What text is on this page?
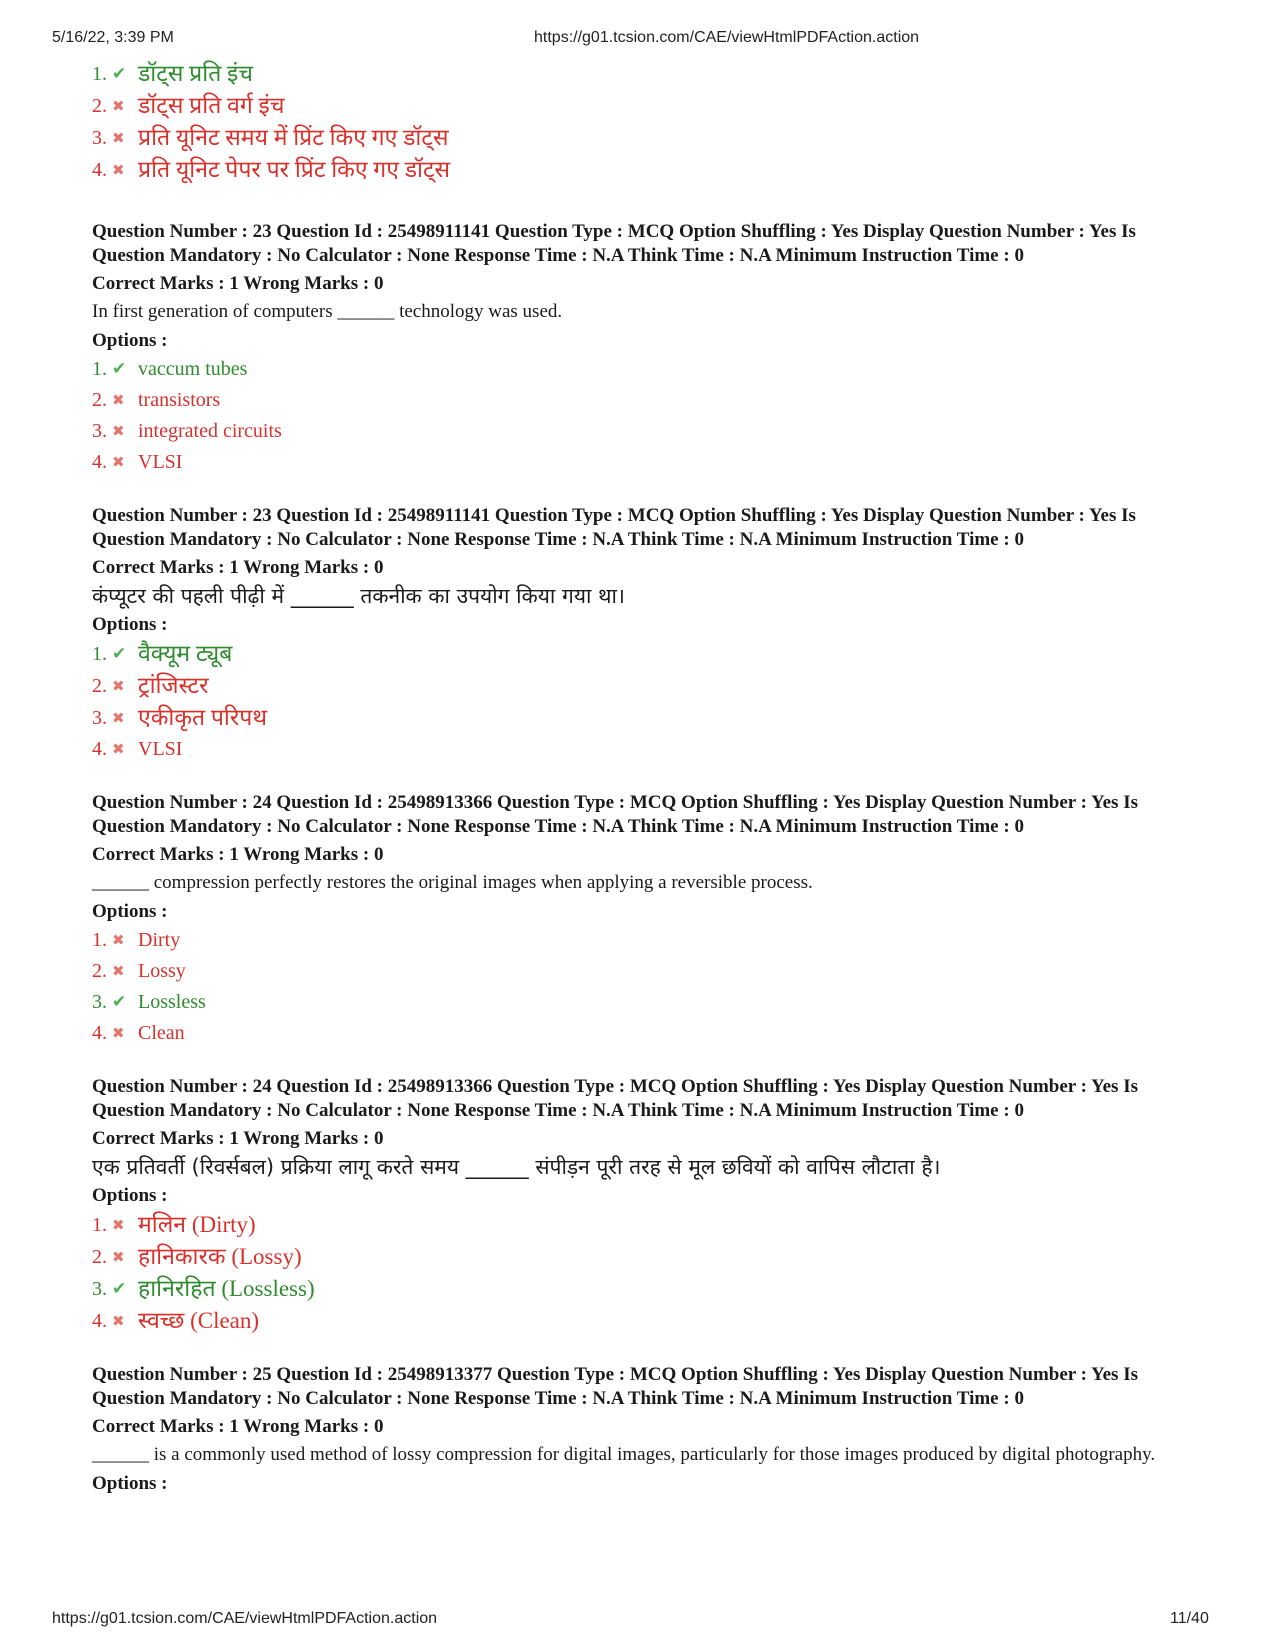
5/16/22, 3:39 PM	https://g01.tcsion.com/CAE/viewHtmlPDFAction.action
1. ✔ डॉट्स प्रति इंच
2. ✖ डॉट्स प्रति वर्ग इंच
3. ✖ प्रति यूनिट समय में प्रिंट किए गए डॉट्स
4. ✖ प्रति यूनिट पेपर पर प्रिंट किए गए डॉट्स
Question Number : 23 Question Id : 25498911141 Question Type : MCQ Option Shuffling : Yes Display Question Number : Yes Is Question Mandatory : No Calculator : None Response Time : N.A Think Time : N.A Minimum Instruction Time : 0
Correct Marks : 1 Wrong Marks : 0
In first generation of computers ______ technology was used.
Options :
1. ✔ vaccum tubes
2. ✖ transistors
3. ✖ integrated circuits
4. ✖ VLSI
Question Number : 23 Question Id : 25498911141 Question Type : MCQ Option Shuffling : Yes Display Question Number : Yes Is Question Mandatory : No Calculator : None Response Time : N.A Think Time : N.A Minimum Instruction Time : 0
Correct Marks : 1 Wrong Marks : 0
कंप्यूटर की पहली पीढ़ी में ______ तकनीक का उपयोग किया गया था।
Options :
1. ✔ वैक्यूम ट्यूब
2. ✖ ट्रांजिस्टर
3. ✖ एकीकृत परिपथ
4. ✖ VLSI
Question Number : 24 Question Id : 25498913366 Question Type : MCQ Option Shuffling : Yes Display Question Number : Yes Is Question Mandatory : No Calculator : None Response Time : N.A Think Time : N.A Minimum Instruction Time : 0
Correct Marks : 1 Wrong Marks : 0
______ compression perfectly restores the original images when applying a reversible process.
Options :
1. ✖ Dirty
2. ✖ Lossy
3. ✔ Lossless
4. ✖ Clean
Question Number : 24 Question Id : 25498913366 Question Type : MCQ Option Shuffling : Yes Display Question Number : Yes Is Question Mandatory : No Calculator : None Response Time : N.A Think Time : N.A Minimum Instruction Time : 0
Correct Marks : 1 Wrong Marks : 0
एक प्रतिवर्ती (रिवर्सबल) प्रक्रिया लागू करते समय ______ संपीड़न पूरी तरह से मूल छवियों को वापिस लौटाता है।
Options :
1. ✖ मलिन (Dirty)
2. ✖ हानिकारक (Lossy)
3. ✔ हानिरहित (Lossless)
4. ✖ स्वच्छ (Clean)
Question Number : 25 Question Id : 25498913377 Question Type : MCQ Option Shuffling : Yes Display Question Number : Yes Is Question Mandatory : No Calculator : None Response Time : N.A Think Time : N.A Minimum Instruction Time : 0
Correct Marks : 1 Wrong Marks : 0
______ is a commonly used method of lossy compression for digital images, particularly for those images produced by digital photography.
Options :
https://g01.tcsion.com/CAE/viewHtmlPDFAction.action	11/40
